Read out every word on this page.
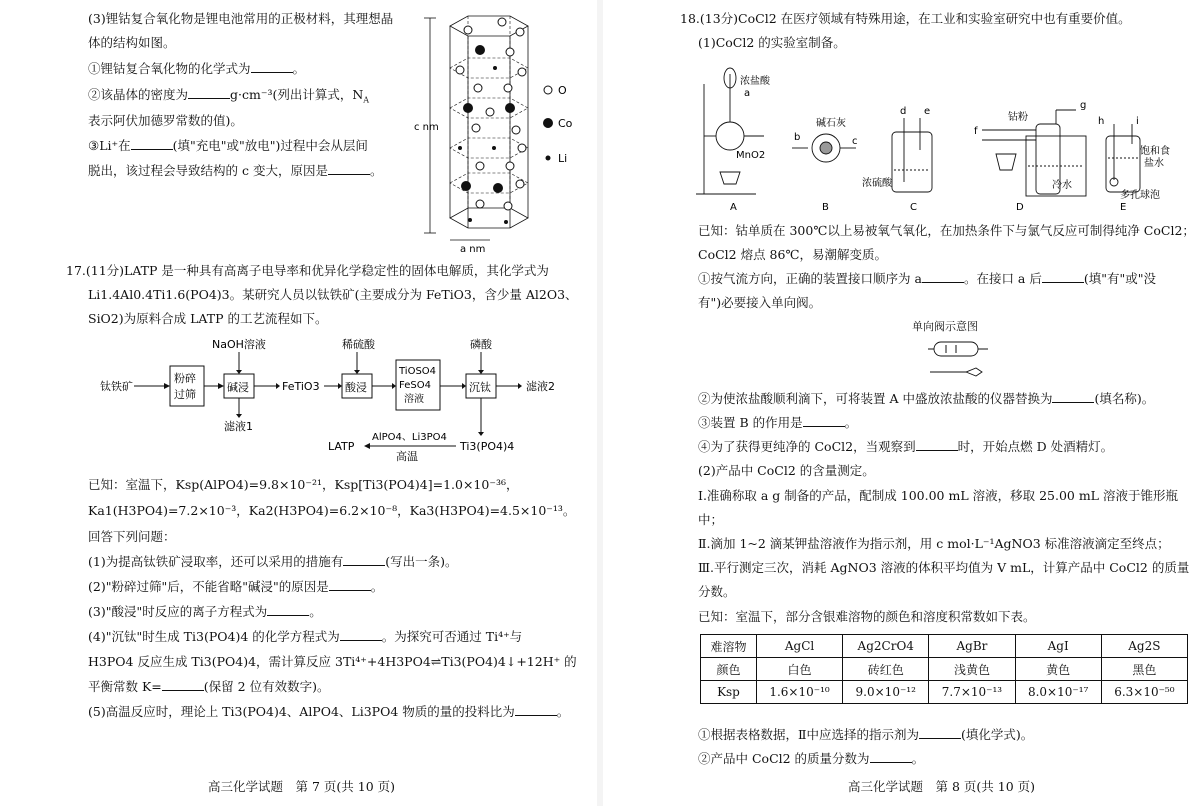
(3)锂钴复合氧化物是锂电池常用的正极材料，其理想晶
体的结构如图。
①锂钴复合氧化物的化学式为	。
②该晶体的密度为	g·cm⁻³(列出计算式，$N_A$
表示阿伏加德罗常数的值)。
③Li⁺在	(填"充电"或"放电")过程中会从层间
脱出，该过程会导致结构的 c 变大，原因是	。
c nm
a nm
O
Co
Li
17.(11分)LATP 是一种具有高离子电导率和优异化学稳定性的固体电解质，其化学式为
Li1.4Al0.4Ti1.6(PO4)3。某研究人员以钛铁矿(主要成分为 FeTiO3，含少量 Al2O3、
SiO2)为原料合成 LATP 的工艺流程如下。
钛铁矿
粉碎
过筛
碱浸
NaOH溶液
滤液1
FeTiO3 酸浸
稀硫酸
TiOSO4
FeSO4
溶液
沉钛
磷酸
滤液2
Ti3(PO4)4
AlPO4、Li3PO4
高温
LATP
已知：室温下，Ksp(AlPO4)=9.8×10⁻²¹，Ksp[Ti3(PO4)4]=1.0×10⁻³⁶，
Ka1(H3PO4)=7.2×10⁻³，Ka2(H3PO4)=6.2×10⁻⁸，Ka3(H3PO4)=4.5×10⁻¹³。
回答下列问题：
(1)为提高钛铁矿浸取率，还可以采用的措施有	(写出一条)。
(2)"粉碎过筛"后，不能省略"碱浸"的原因是	。
(3)"酸浸"时反应的离子方程式为	。
(4)"沉钛"时生成 Ti3(PO4)4 的化学方程式为	。为探究可否通过 Ti⁴⁺与
H3PO4 反应生成 Ti3(PO4)4，需计算反应 3Ti⁴⁺+4H3PO4⇌Ti3(PO4)4↓+12H⁺ 的
平衡常数 K=	(保留 2 位有效数字)。
(5)高温反应时，理论上 Ti3(PO4)4、AlPO4、Li3PO4 物质的量的投料比为	。
高三化学试题　第 7 页(共 10 页)
18.(13分)CoCl2 在医疗领域有特殊用途，在工业和实验室研究中也有重要价值。
(1)CoCl2 的实验室制备。
浓盐酸
a
MnO2
碱石灰
b	c
d e
浓硫酸
钴粉
f
g
冷水
h	i
饱和食
盐水
多孔球泡
A	B	C	D	E
已知：钴单质在 300℃以上易被氧气氧化，在加热条件下与氯气反应可制得纯净 CoCl2；
CoCl2 熔点 86℃，易潮解变质。
①按气流方向，正确的装置接口顺序为 a	。在接口 a 后	(填"有"或"没
有")必要接入单向阀。
单向阀示意图
②为使浓盐酸顺利滴下，可将装置 A 中盛放浓盐酸的仪器替换为	(填名称)。
③装置 B 的作用是	。
④为了获得更纯净的 CoCl2，当观察到	时，开始点燃 D 处酒精灯。
(2)产品中 CoCl2 的含量测定。
Ⅰ.准确称取 a g 制备的产品，配制成 100.00 mL 溶液，移取 25.00 mL 溶液于锥形瓶
中；
Ⅱ.滴加 1~2 滴某钾盐溶液作为指示剂，用 c mol·L⁻¹AgNO3 标准溶液滴定至终点；
Ⅲ.平行测定三次，消耗 AgNO3 溶液的体积平均值为 V mL，计算产品中 CoCl2 的质量
分数。
已知：室温下，部分含银难溶物的颜色和溶度积常数如下表。
难溶物	AgCl	Ag2CrO4	AgBr	AgI	Ag2S
颜色	白色	砖红色	浅黄色	黄色	黑色
Ksp	1.6×10⁻¹⁰	9.0×10⁻¹²	7.7×10⁻¹³	8.0×10⁻¹⁷	6.3×10⁻⁵⁰
①根据表格数据，Ⅱ中应选择的指示剂为	(填化学式)。
②产品中 CoCl2 的质量分数为	。
高三化学试题　第 8 页(共 10 页)
